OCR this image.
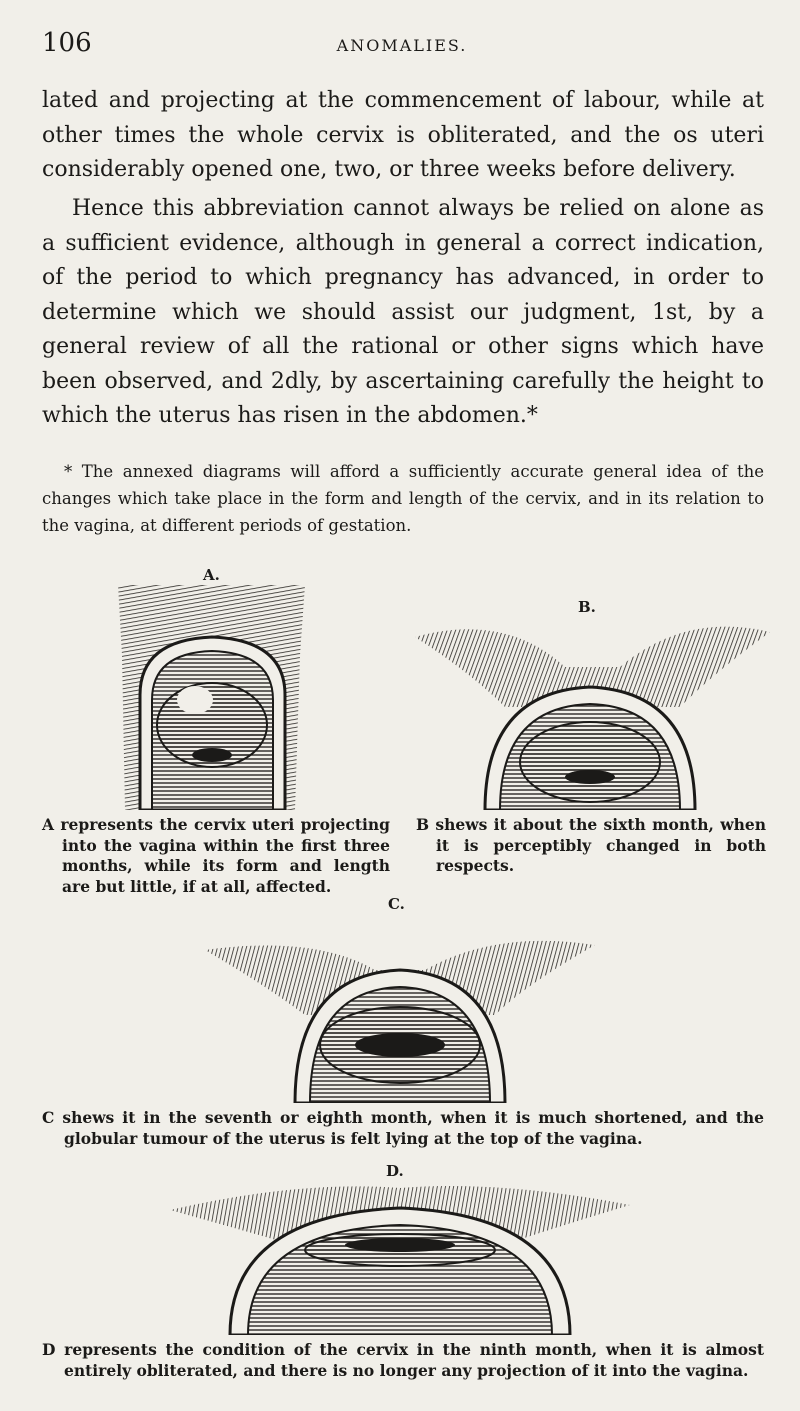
106	ANOMALIES.

lated and projecting at the commencement of labour, while at other times the whole cervix is obliterated, and the os uteri considerably opened one, two, or three weeks before delivery.

Hence this abbreviation cannot always be relied on alone as a sufficient evidence, although in general a correct indication, of the period to which pregnancy has advanced, in order to determine which we should assist our judgment, 1st, by a general review of all the rational or other signs which have been observed, and 2dly, by ascertaining carefully the height to which the uterus has risen in the abdomen.*

* The annexed diagrams will afford a sufficiently accurate general idea of the changes which take place in the form and length of the cervix, and in its relation to the vagina, at different periods of gestation.

A.
B.
A represents the cervix uteri projecting into the vagina within the first three months, while its form and length are but little, if at all, affected.
B shews it about the sixth month, when it is perceptibly changed in both respects.
C.
C shews it in the seventh or eighth month, when it is much shortened, and the globular tumour of the uterus is felt lying at the top of the vagina.
D.
D represents the condition of the cervix in the ninth month, when it is almost entirely obliterated, and there is no longer any projection of it into the vagina.
